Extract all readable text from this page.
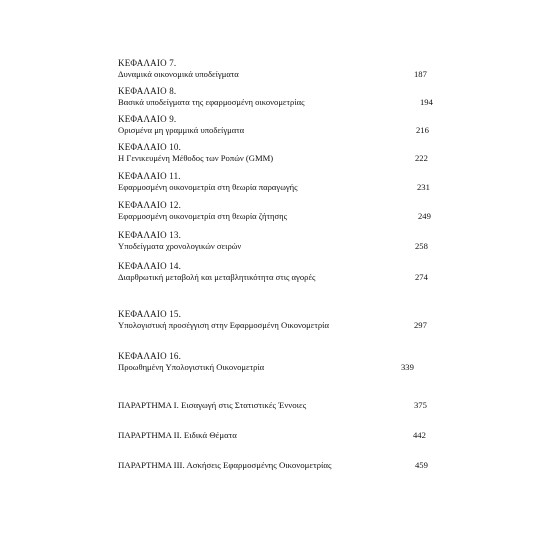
ΚΕΦΑΛΑΙΟ 7.
Δυναμικά οικονομικά υποδείγματα	187
ΚΕΦΑΛΑΙΟ 8.
Βασικά υποδείγματα της εφαρμοσμένη οικονομετρίας	194
ΚΕΦΑΛΑΙΟ 9.
Ορισμένα μη γραμμικά υποδείγματα	216
ΚΕΦΑΛΑΙΟ 10.
Η Γενικευμένη Μέθοδος των Ροπών (GMM)	222
ΚΕΦΑΛΑΙΟ 11.
Εφαρμοσμένη οικονομετρία στη θεωρία παραγωγής	231
ΚΕΦΑΛΑΙΟ 12.
Εφαρμοσμένη οικονομετρία στη θεωρία ζήτησης	249
ΚΕΦΑΛΑΙΟ 13.
Υποδείγματα χρονολογικών σειρών	258
ΚΕΦΑΛΑΙΟ 14.
Διαρθρωτική μεταβολή και μεταβλητικότητα στις αγορές	274
ΚΕΦΑΛΑΙΟ 15.
Υπολογιστική προσέγγιση στην Εφαρμοσμένη Οικονομετρία	297
ΚΕΦΑΛΑΙΟ 16.
Προωθημένη Υπολογιστική Οικονομετρία	339
ΠΑΡΑΡΤΗΜΑ Ι. Εισαγωγή στις Στατιστικές Έννοιες	375
ΠΑΡΑΡΤΗΜΑ ΙΙ. Ειδικά Θέματα	442
ΠΑΡΑΡΤΗΜΑ ΙΙΙ. Ασκήσεις Εφαρμοσμένης Οικονομετρίας	459
